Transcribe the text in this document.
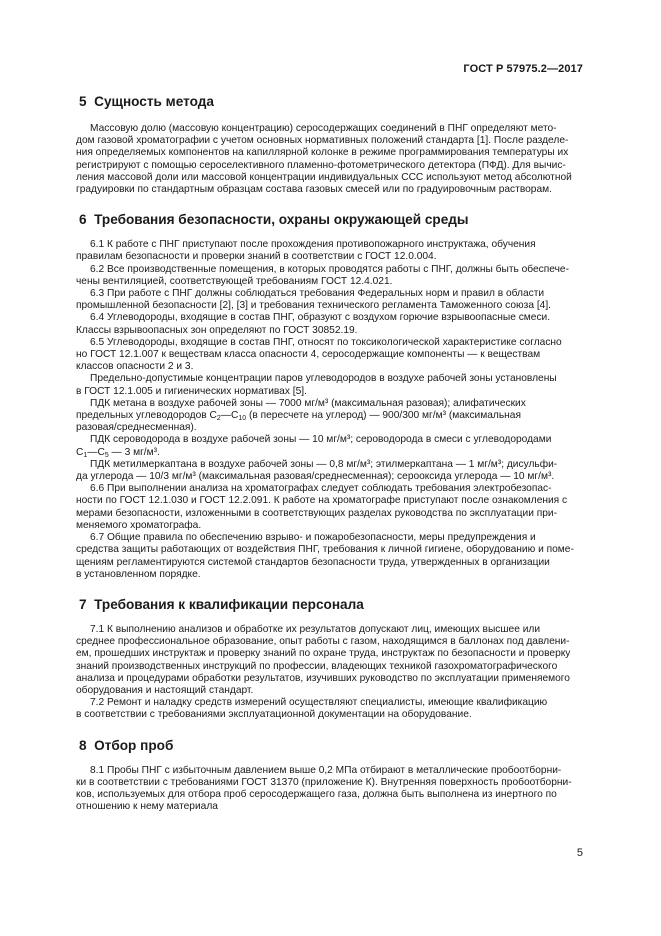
ГОСТ Р 57975.2—2017
5 Сущность метода
Массовую долю (массовую концентрацию) серосодержащих соединений в ПНГ определяют мето-
дом газовой хроматографии с учетом основных нормативных положений стандарта [1]. После разделе-
ния определяемых компонентов на капиллярной колонке в режиме программирования температуры их
регистрируют с помощью сероселективного пламенно-фотометрического детектора (ПФД). Для вычис-
ления массовой доли или массовой концентрации индивидуальных ССС используют метод абсолютной
градуировки по стандартным образцам состава газовых смесей или по градуировочным растворам.
6 Требования безопасности, охраны окружающей среды
6.1 К работе с ПНГ приступают после прохождения противопожарного инструктажа, обучения
правилам безопасности и проверки знаний в соответствии с ГОСТ 12.0.004.
6.2 Все производственные помещения, в которых проводятся работы с ПНГ, должны быть обеспече-
чены вентиляцией, соответствующей требованиям ГОСТ 12.4.021.
6.3 При работе с ПНГ должны соблюдаться требования Федеральных норм и правил в области
промышленной безопасности [2], [3] и требования технического регламента Таможенного союза [4].
6.4 Углеводороды, входящие в состав ПНГ, образуют с воздухом горючие взрывоопасные смеси.
Классы взрывоопасных зон определяют по ГОСТ 30852.19.
6.5 Углеводороды, входящие в состав ПНГ, относят по токсикологической характеристике согласно
но ГОСТ 12.1.007 к веществам класса опасности 4, серосодержащие компоненты — к веществам
классов опасности 2 и 3.
Предельно-допустимые концентрации паров углеводородов в воздухе рабочей зоны установлены
в ГОСТ 12.1.005 и гигиенических нормативах [5].
ПДК метана в воздухе рабочей зоны — 7000 мг/м³ (максимальная разовая); алифатических
предельных углеводородов $С_2—С_{10}$ (в пересчете на углерод) — 900/300 мг/м³ (максимальная
разовая/среднесменная).
ПДК сероводорода в воздухе рабочей зоны — 10 мг/м³; сероводорода в смеси с углеводородами
$С_1—С_5$ — 3 мг/м³.
ПДК метилмеркаптана в воздухе рабочей зоны — 0,8 мг/м³; этилмеркаптана — 1 мг/м³; дисульфи-
да углерода — 10/3 мг/м³ (максимальная разовая/среднесменная); сероокcида углерода — 10 мг/м³.
6.6 При выполнении анализа на хроматографах следует соблюдать требования электробезопас-
ности по ГОСТ 12.1.030 и ГОСТ 12.2.091. К работе на хроматографе приступают после ознакомления с
мерами безопасности, изложенными в соответствующих разделах руководства по эксплуатации при-
меняемого хроматографа.
6.7 Общие правила по обеспечению взрыво- и пожаробезопасности, меры предупреждения и
средства защиты работающих от воздействия ПНГ, требования к личной гигиене, оборудованию и поме-
щениям регламентируются системой стандартов безопасности труда, утвержденных в организации
в установленном порядке.
7 Требования к квалификации персонала
7.1 К выполнению анализов и обработке их результатов допускают лиц, имеющих высшее или
среднее профессиональное образование, опыт работы с газом, находящимся в баллонах под давлени-
ем, прошедших инструктаж и проверку знаний по охране труда, инструктаж по безопасности и проверку
знаний производственных инструкций по профессии, владеющих техникой газохроматографического
анализа и процедурами обработки результатов, изучивших руководство по эксплуатации применяемого
оборудования и настоящий стандарт.
7.2 Ремонт и наладку средств измерений осуществляют специалисты, имеющие квалификацию
в соответствии с требованиями эксплуатационной документации на оборудование.
8 Отбор проб
8.1 Пробы ПНГ с избыточным давлением выше 0,2 МПа отбирают в металлические пробоотборни-
ки в соответствии с требованиями ГОСТ 31370 (приложение К). Внутренняя поверхность пробоотборни-
ков, используемых для отбора проб серосодержащего газа, должна быть выполнена из инертного по
отношению к нему материала
5
